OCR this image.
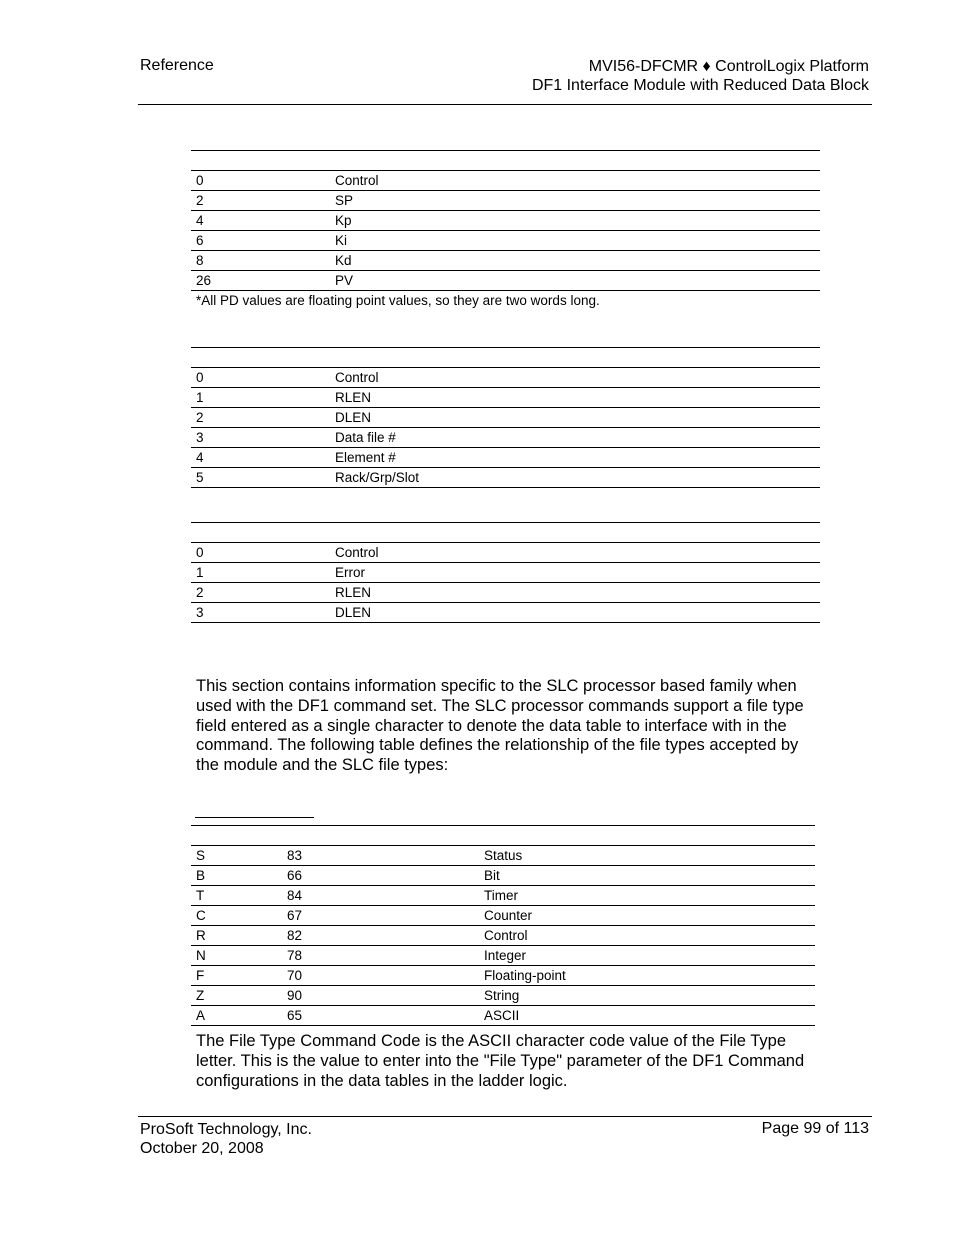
Reference	MVI56-DFCMR ♦ ControlLogix Platform
DF1 Interface Module with Reduced Data Block

0	Control
2	SP
4	Kp
6	Ki
8	Kd
26	PV
*All PD values are floating point values, so they are two words long.

0	Control
1	RLEN
2	DLEN
3	Data file #
4	Element #
5	Rack/Grp/Slot

0	Control
1	Error
2	RLEN
3	DLEN
This section contains information specific to the SLC processor based family when used with the DF1 command set. The SLC processor commands support a file type field entered as a single character to denote the data table to interface with in the command. The following table defines the relationship of the file types accepted by the module and the SLC file types:

S	83	Status
B	66	Bit
T	84	Timer
C	67	Counter
R	82	Control
N	78	Integer
F	70	Floating-point
Z	90	String
A	65	ASCII
The File Type Command Code is the ASCII character code value of the File Type letter. This is the value to enter into the "File Type" parameter of the DF1 Command configurations in the data tables in the ladder logic.
ProSoft Technology, Inc.
October 20, 2008
Page 99 of 113
